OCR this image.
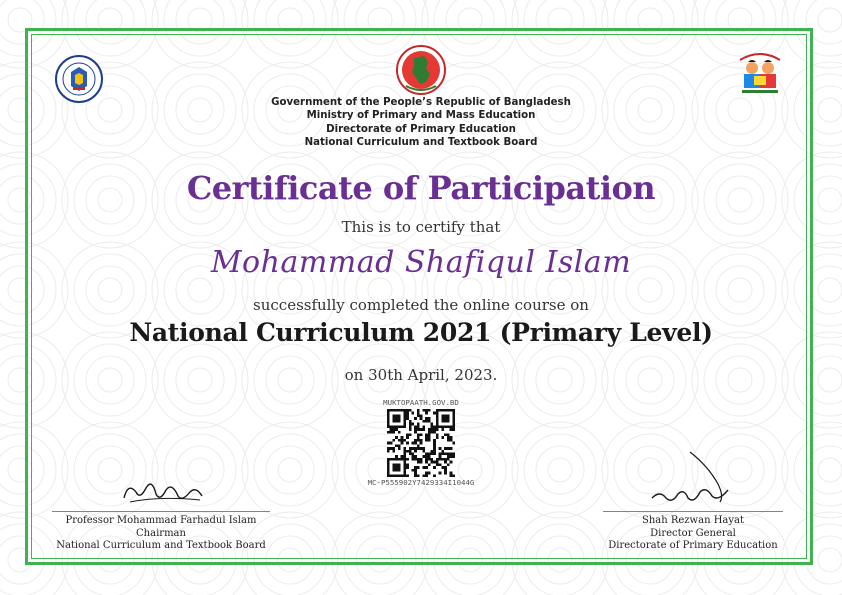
Government of the People’s Republic of Bangladesh
Ministry of Primary and Mass Education
Directorate of Primary Education
National Curriculum and Textbook Board
Certificate of Participation
This is to certify that
Mohammad Shafiqul Islam
successfully completed the online course on
National Curriculum 2021 (Primary Level)
on 30th April, 2023.
MUKTOPAATH.GOV.BD
MC-P555902Y7429334I1044G
Professor Mohammad Farhadul Islam
Chairman
National Curriculum and Textbook Board
Shah Rezwan Hayat
Director General
Directorate of Primary Education
